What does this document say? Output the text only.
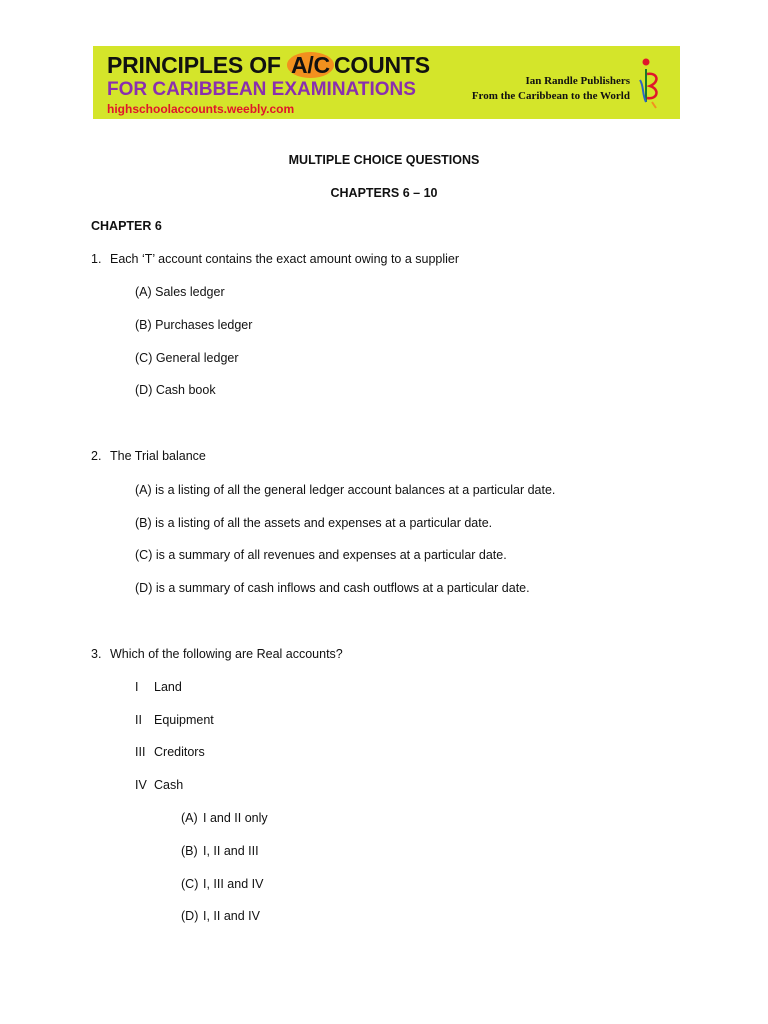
PRINCIPLES OF A/C COUNTS
FOR CARIBBEAN EXAMINATIONS
highschoolaccounts.weebly.com
Ian Randle Publishers
From the Caribbean to the World
MULTIPLE CHOICE QUESTIONS
CHAPTERS 6 – 10
CHAPTER 6
1. Each ‘T’ account contains the exact amount owing to a supplier
(A) Sales ledger
(B) Purchases ledger
(C) General ledger
(D) Cash book
2. The Trial balance
(A) is a listing of all the general ledger account balances at a particular date.
(B) is a listing of all the assets and expenses at a particular date.
(C) is a summary of all revenues and expenses at a particular date.
(D) is a summary of cash inflows and cash outflows at a particular date.
3. Which of the following are Real accounts?
I Land
II Equipment
III Creditors
IV Cash
(A) I and II only
(B) I, II and III
(C) I, III and IV
(D) I, II and IV
